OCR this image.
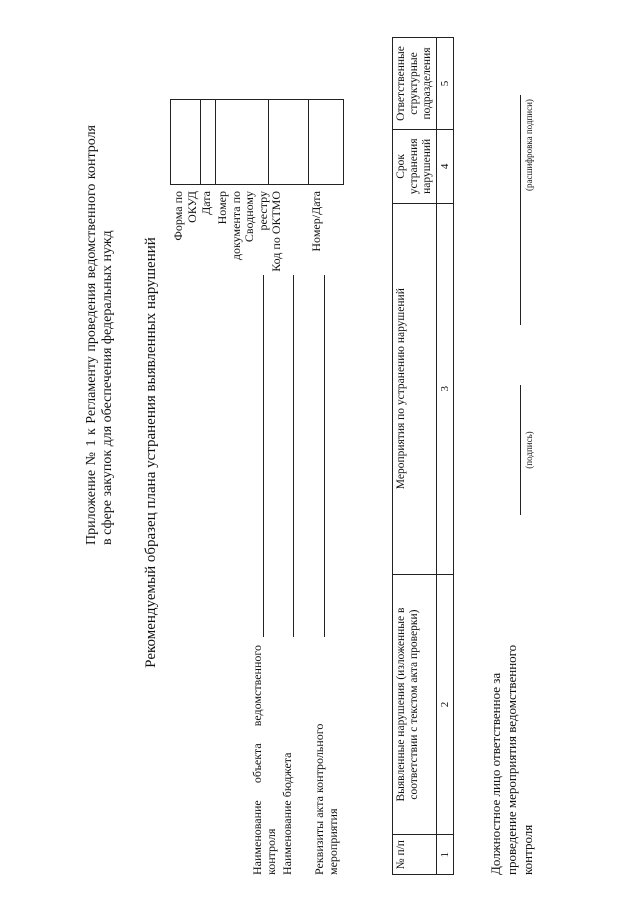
Приложение № 1 к Регламенту проведения ведомственного контроля в сфере закупок для обеспечения федеральных нужд Рекомендуемый образец плана устранения выявленных нарушений
Наименование объекта ведомственного контроля Наименование бюджета Реквизиты акта контрольного мероприятия
Форма по ОКУД Дата Номер документа по Сводному реестру Код по ОКТМО Номер/Дата

№ п/п	Выявленные нарушения (изложенные в соответствии с текстом акта проверки)	Мероприятия по устранению нарушений	Срок устранения нарушений	Ответственные структурные подразделения
1	2	3	4	5
Должностное лицо ответственное за проведение мероприятия ведомственного контроля
(подпись)
(расшифровка подписи)
